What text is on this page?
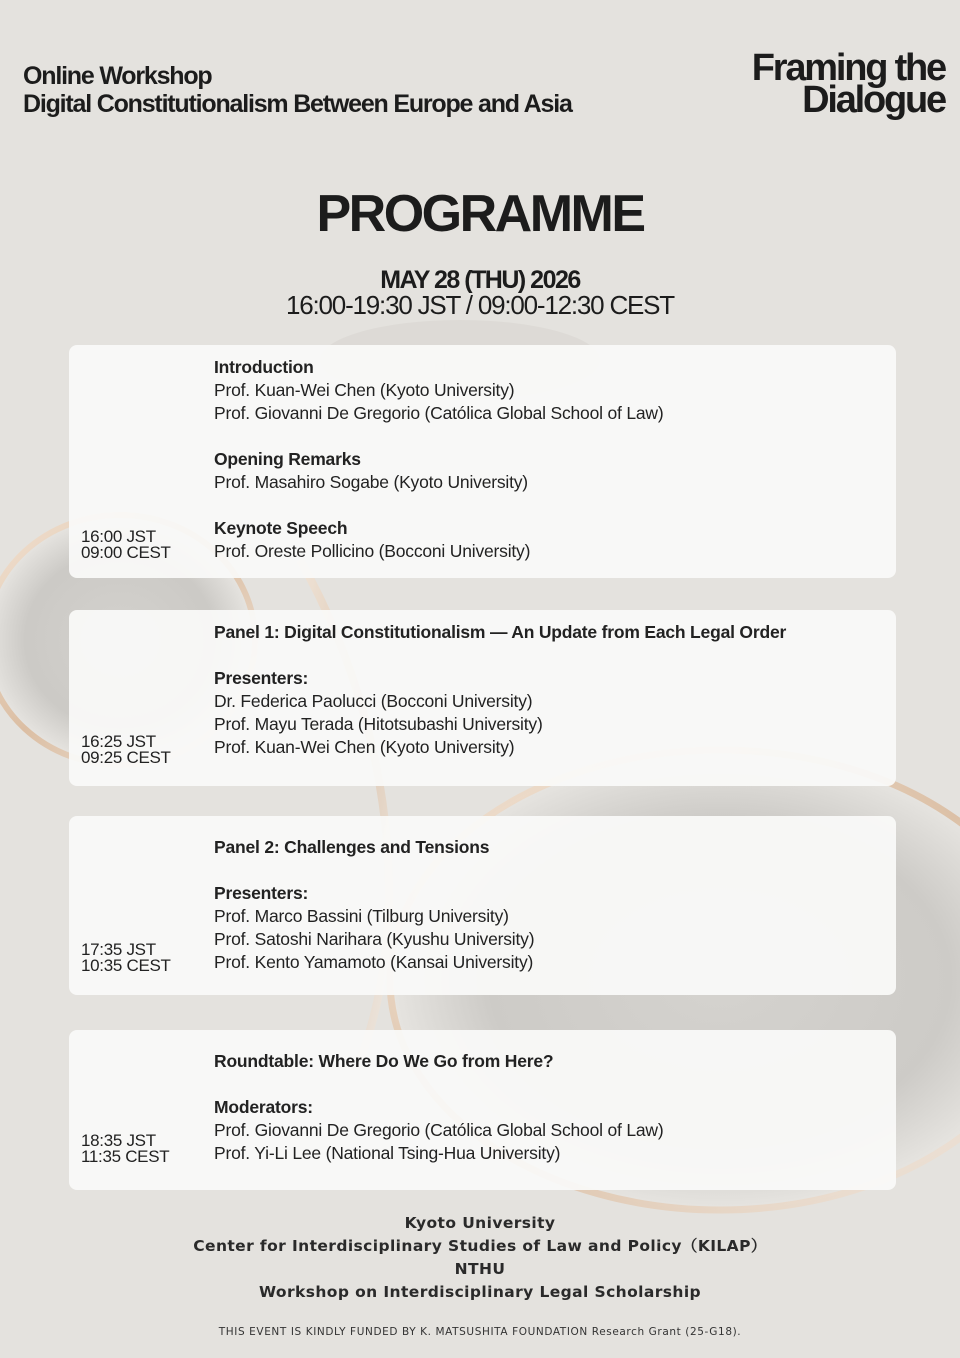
Online Workshop
Digital Constitutionalism Between Europe and Asia
Framing the
Dialogue
PROGRAMME
MAY 28 (THU) 2026
16:00-19:30 JST / 09:00-12:30 CEST
16:00 JST
09:00 CEST
Introduction
Prof. Kuan-Wei Chen (Kyoto University)
Prof. Giovanni De Gregorio (Católica Global School of Law)
Opening Remarks
Prof. Masahiro Sogabe (Kyoto University)
Keynote Speech
Prof. Oreste Pollicino (Bocconi University)
16:25 JST
09:25 CEST
Panel 1: Digital Constitutionalism — An Update from Each Legal Order
Presenters:
Dr. Federica Paolucci (Bocconi University)
Prof. Mayu Terada (Hitotsubashi University)
Prof. Kuan-Wei Chen (Kyoto University)
17:35 JST
10:35 CEST
Panel 2: Challenges and Tensions
Presenters:
Prof. Marco Bassini (Tilburg University)
Prof. Satoshi Narihara (Kyushu University)
Prof. Kento Yamamoto (Kansai University)
18:35 JST
11:35 CEST
Roundtable: Where Do We Go from Here?
Moderators:
Prof. Giovanni De Gregorio (Católica Global School of Law)
Prof. Yi-Li Lee (National Tsing-Hua University)
Kyoto University
Center for Interdisciplinary Studies of Law and Policy（KILAP）
NTHU
Workshop on Interdisciplinary Legal Scholarship
THIS EVENT IS KINDLY FUNDED BY K. MATSUSHITA FOUNDATION Research Grant (25-G18).
